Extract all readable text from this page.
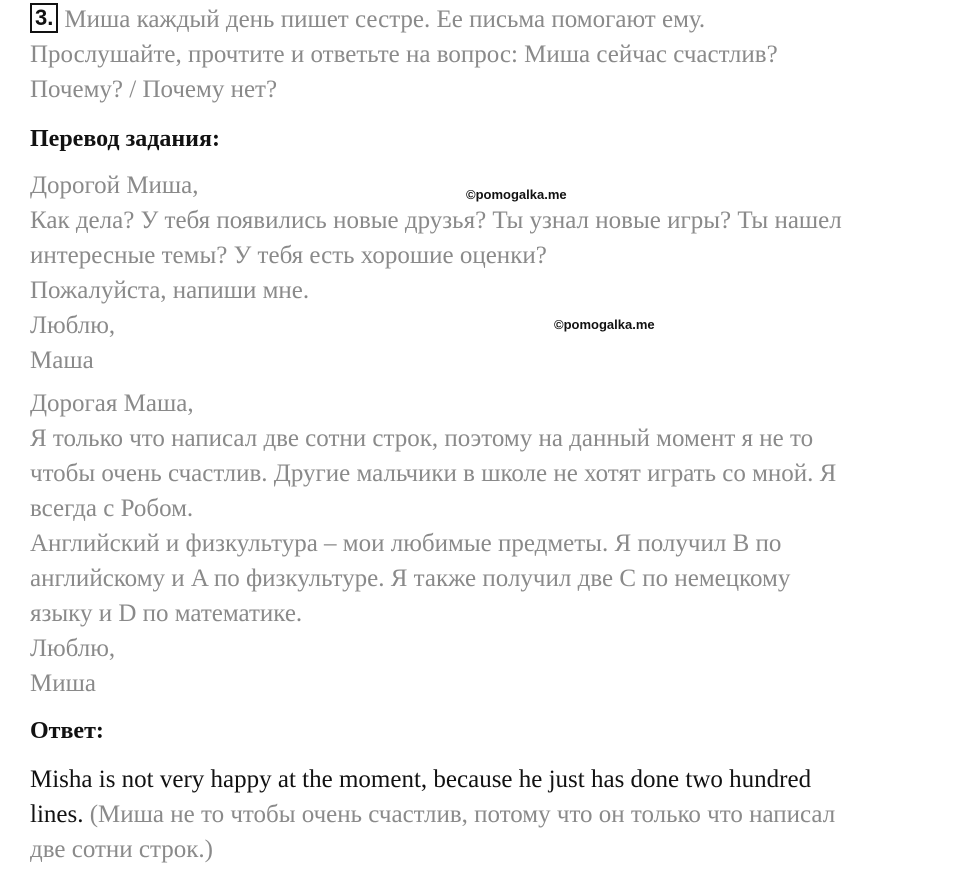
3. Миша каждый день пишет сестре. Ее письма помогают ему.
Прослушайте, прочтите и ответьте на вопрос: Миша сейчас счастлив?
Почему? / Почему нет?
Перевод задания:
Дорогой Миша,
Как дела? У тебя появились новые друзья? Ты узнал новые игры? Ты нашел
интересные темы? У тебя есть хорошие оценки?
Пожалуйста, напиши мне.
Люблю,
Маша
©pomogalka.me
©pomogalka.me
Дорогая Маша,
Я только что написал две сотни строк, поэтому на данный момент я не то
чтобы очень счастлив. Другие мальчики в школе не хотят играть со мной. Я
всегда с Робом.
Английский и физкультура – мои любимые предметы. Я получил B по
английскому и A по физкультуре. Я также получил две C по немецкому
языку и D по математике.
Люблю,
Миша
Ответ:
Misha is not very happy at the moment, because he just has done two hundred
lines. (Миша не то чтобы очень счастлив, потому что он только что написал
две сотни строк.)
